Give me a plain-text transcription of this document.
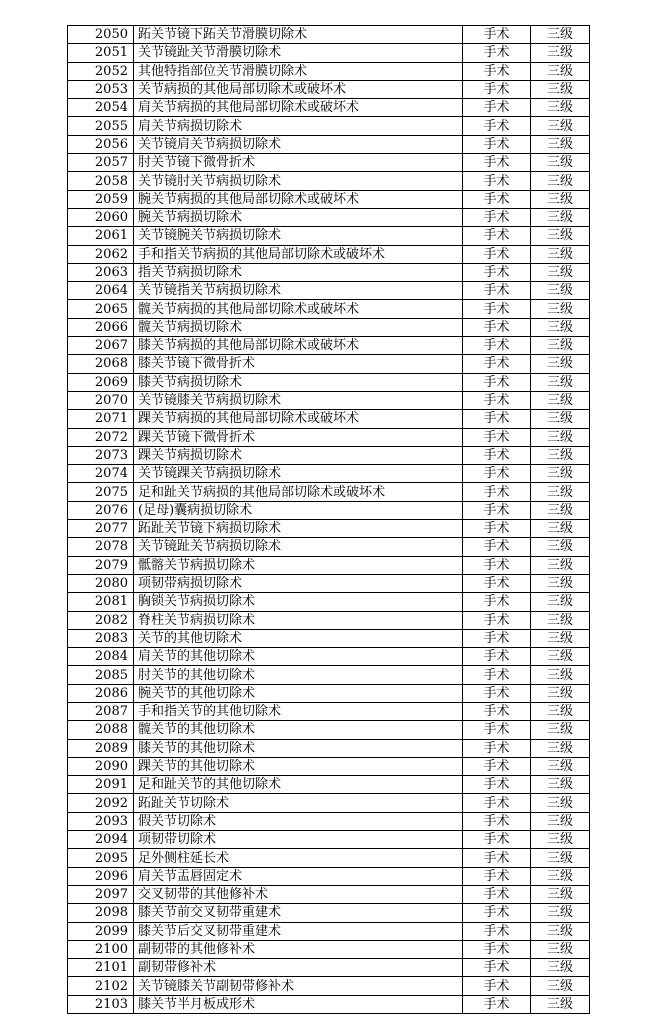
2050	跖关节镜下跖关节滑膜切除术	手术	三级
2051	关节镜趾关节滑膜切除术	手术	三级
2052	其他特指部位关节滑膜切除术	手术	三级
2053	关节病损的其他局部切除术或破坏术	手术	三级
2054	肩关节病损的其他局部切除术或破坏术	手术	三级
2055	肩关节病损切除术	手术	三级
2056	关节镜肩关节病损切除术	手术	三级
2057	肘关节镜下微骨折术	手术	三级
2058	关节镜肘关节病损切除术	手术	三级
2059	腕关节病损的其他局部切除术或破坏术	手术	三级
2060	腕关节病损切除术	手术	三级
2061	关节镜腕关节病损切除术	手术	三级
2062	手和指关节病损的其他局部切除术或破坏术	手术	三级
2063	指关节病损切除术	手术	三级
2064	关节镜指关节病损切除术	手术	三级
2065	髋关节病损的其他局部切除术或破坏术	手术	三级
2066	髋关节病损切除术	手术	三级
2067	膝关节病损的其他局部切除术或破坏术	手术	三级
2068	膝关节镜下微骨折术	手术	三级
2069	膝关节病损切除术	手术	三级
2070	关节镜膝关节病损切除术	手术	三级
2071	踝关节病损的其他局部切除术或破坏术	手术	三级
2072	踝关节镜下微骨折术	手术	三级
2073	踝关节病损切除术	手术	三级
2074	关节镜踝关节病损切除术	手术	三级
2075	足和趾关节病损的其他局部切除术或破坏术	手术	三级
2076	(足母)囊病损切除术	手术	三级
2077	跖趾关节镜下病损切除术	手术	三级
2078	关节镜趾关节病损切除术	手术	三级
2079	骶髂关节病损切除术	手术	三级
2080	项韧带病损切除术	手术	三级
2081	胸锁关节病损切除术	手术	三级
2082	脊柱关节病损切除术	手术	三级
2083	关节的其他切除术	手术	三级
2084	肩关节的其他切除术	手术	三级
2085	肘关节的其他切除术	手术	三级
2086	腕关节的其他切除术	手术	三级
2087	手和指关节的其他切除术	手术	三级
2088	髋关节的其他切除术	手术	三级
2089	膝关节的其他切除术	手术	三级
2090	踝关节的其他切除术	手术	三级
2091	足和趾关节的其他切除术	手术	三级
2092	跖趾关节切除术	手术	三级
2093	假关节切除术	手术	三级
2094	项韧带切除术	手术	三级
2095	足外侧柱延长术	手术	三级
2096	肩关节盂唇固定术	手术	三级
2097	交叉韧带的其他修补术	手术	三级
2098	膝关节前交叉韧带重建术	手术	三级
2099	膝关节后交叉韧带重建术	手术	三级
2100	副韧带的其他修补术	手术	三级
2101	副韧带修补术	手术	三级
2102	关节镜膝关节副韧带修补术	手术	三级
2103	膝关节半月板成形术	手术	三级
